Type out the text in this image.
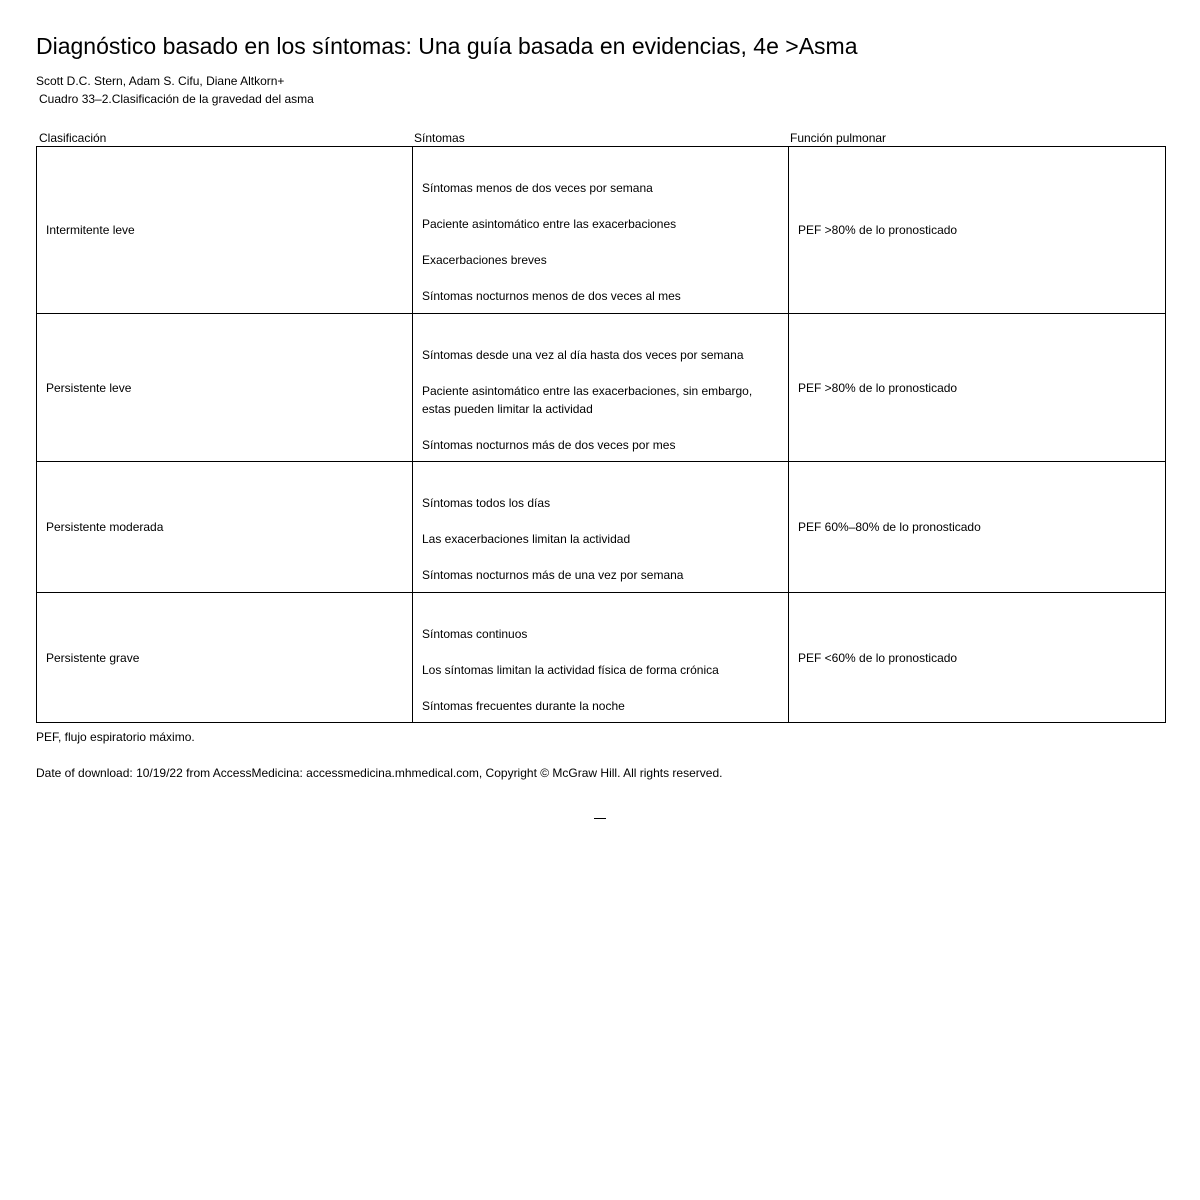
Diagnóstico basado en los síntomas: Una guía basada en evidencias, 4e >Asma
Scott D.C. Stern, Adam S. Cifu, Diane Altkorn+
Cuadro 33–2.Clasificación de la gravedad del asma
Clasificación	Síntomas	Función pulmonar
Intermitente leve	Síntomas menos de dos veces por semana
Paciente asintomático entre las exacerbaciones
Exacerbaciones breves
Síntomas nocturnos menos de dos veces al mes	PEF >80% de lo pronosticado
Persistente leve	Síntomas desde una vez al día hasta dos veces por semana
Paciente asintomático entre las exacerbaciones, sin embargo, estas pueden limitar la actividad
Síntomas nocturnos más de dos veces por mes	PEF >80% de lo pronosticado
Persistente moderada	Síntomas todos los días
Las exacerbaciones limitan la actividad
Síntomas nocturnos más de una vez por semana	PEF 60%–80% de lo pronosticado
Persistente grave	Síntomas continuos
Los síntomas limitan la actividad física de forma crónica
Síntomas frecuentes durante la noche	PEF <60% de lo pronosticado
PEF, flujo espiratorio máximo.
Date of download: 10/19/22 from AccessMedicina: accessmedicina.mhmedical.com, Copyright © McGraw Hill. All rights reserved.
